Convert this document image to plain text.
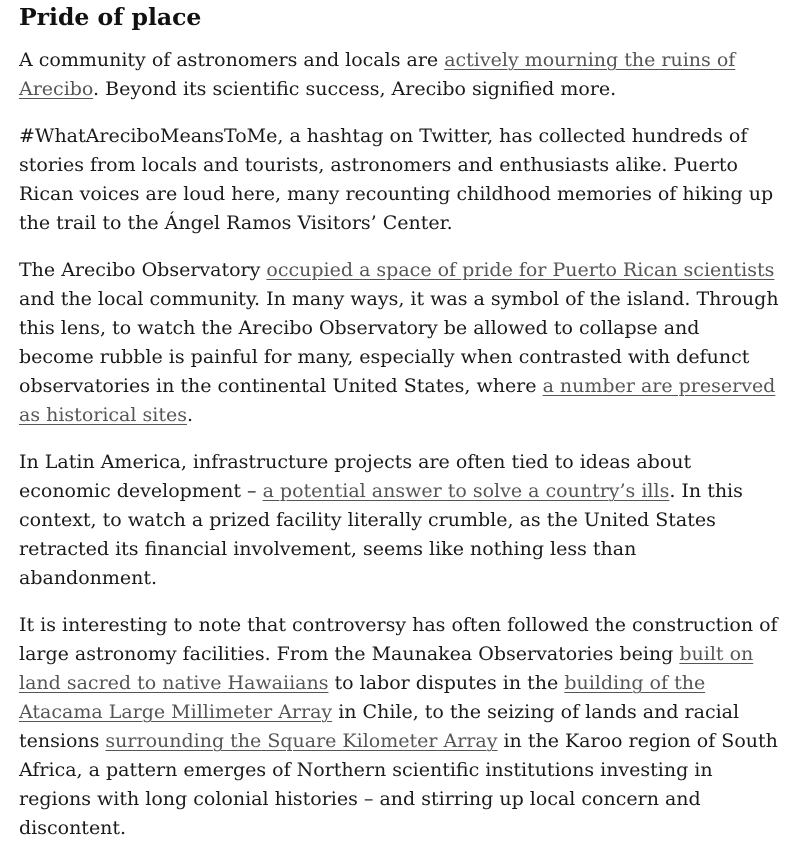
Pride of place

A community of astronomers and locals are actively mourning the ruins of Arecibo. Beyond its scientific success, Arecibo signified more.

#WhatAreciboMeansToMe, a hashtag on Twitter, has collected hundreds of stories from locals and tourists, astronomers and enthusiasts alike. Puerto Rican voices are loud here, many recounting childhood memories of hiking up the trail to the Ángel Ramos Visitors’ Center.

The Arecibo Observatory occupied a space of pride for Puerto Rican scientists and the local community. In many ways, it was a symbol of the island. Through this lens, to watch the Arecibo Observatory be allowed to collapse and become rubble is painful for many, especially when contrasted with defunct observatories in the continental United States, where a number are preserved as historical sites.

In Latin America, infrastructure projects are often tied to ideas about economic development – a potential answer to solve a country’s ills. In this context, to watch a prized facility literally crumble, as the United States retracted its financial involvement, seems like nothing less than abandonment.

It is interesting to note that controversy has often followed the construction of large astronomy facilities. From the Maunakea Observatories being built on land sacred to native Hawaiians to labor disputes in the building of the Atacama Large Millimeter Array in Chile, to the seizing of lands and racial tensions surrounding the Square Kilometer Array in the Karoo region of South Africa, a pattern emerges of Northern scientific institutions investing in regions with long colonial histories – and stirring up local concern and discontent.
